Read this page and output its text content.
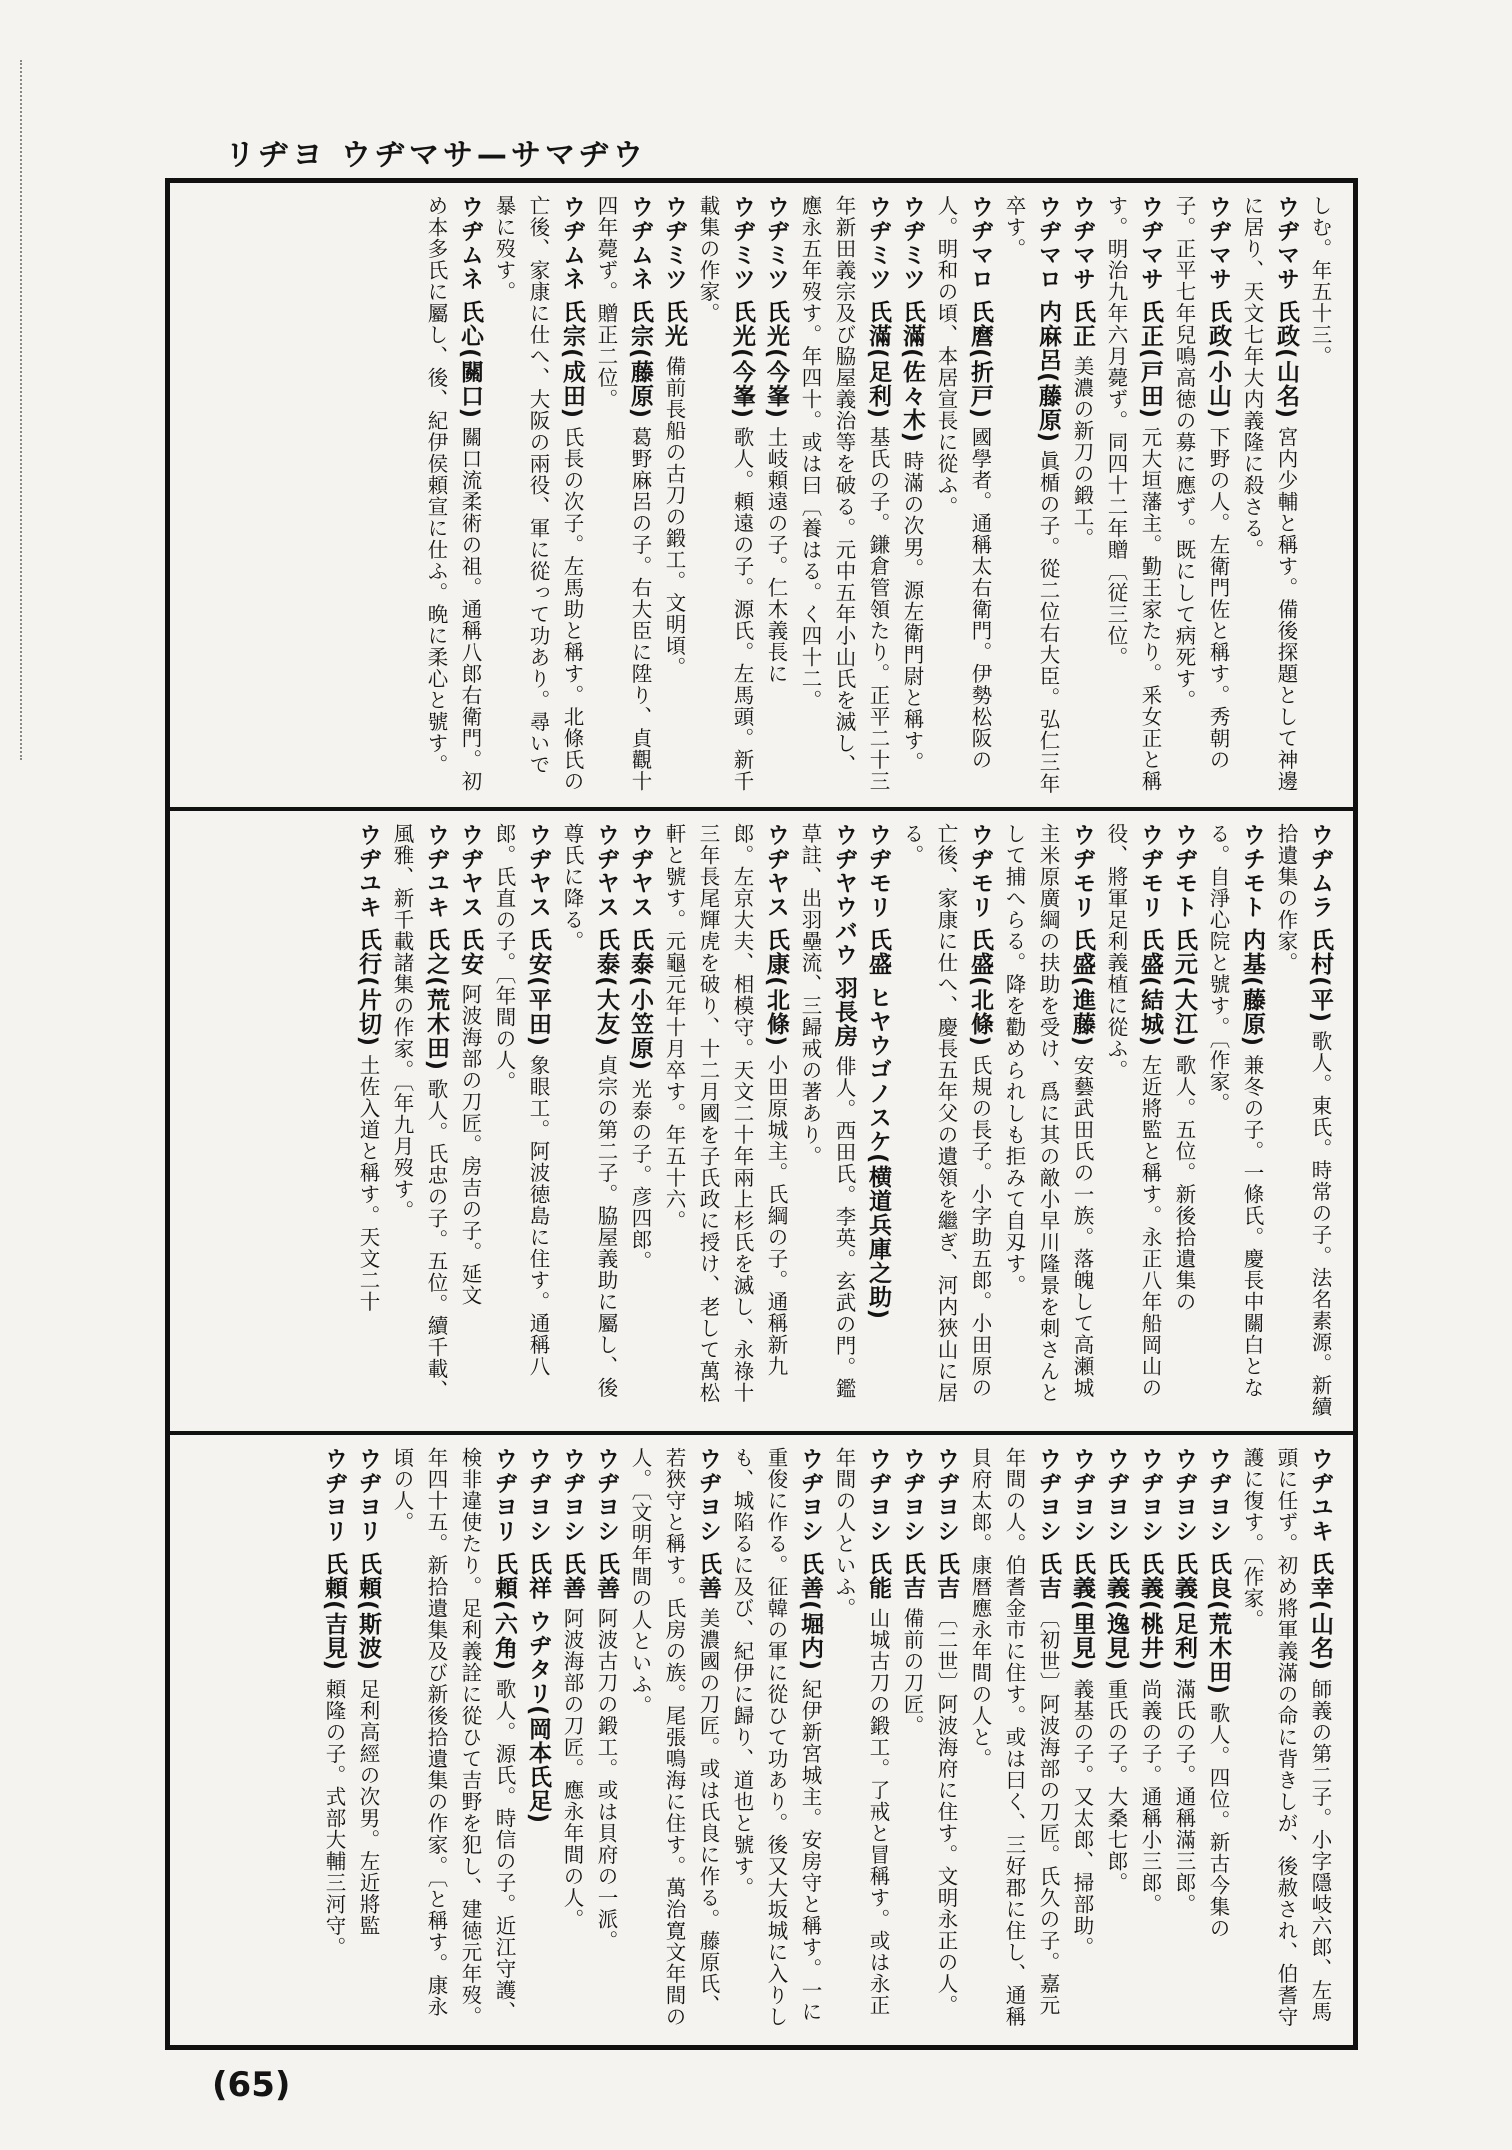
ウヂマサ—サマヂウ ヨヂリ

しむ。年五十三。

ウヂマサ 氏政(山名) 宮内少輔と稱す。備後探題として神邊に居り、天文七年大内義隆に殺さる。

ウヂマサ 氏政(小山) 下野の人。左衛門佐と稱す。秀朝の子。正平七年兒鳴高徳の募に應ず。既にして病死す。

ウヂマサ 氏正(戸田) 元大垣藩主。勤王家たり。釆女正と稱す。明治九年六月薨ず。同四十二年贈〔従三位。

ウヂマサ 氏正 美濃の新刀の鍛工。

ウヂマロ 内麻呂(藤原) 眞楯の子。從二位右大臣。弘仁三年卒す。

ウヂマロ 氏麿(折戸) 國學者。通稱太右衛門。伊勢松阪の人。明和の頃、本居宣長に從ふ。

ウヂミツ 氏滿(佐々木) 時滿の次男。源左衛門尉と稱す。

ウヂミツ 氏滿(足利) 基氏の子。鎌倉管領たり。正平二十三年新田義宗及び脇屋義治等を破る。元中五年小山氏を滅し、應永五年歿す。年四十。或は曰〔養はる。く四十二。

ウヂミツ 氏光(今峯) 土岐頼遠の子。仁木義長に

ウヂミツ 氏光(今峯) 歌人。頼遠の子。源氏。左馬頭。新千載集の作家。

ウヂミツ 氏光 備前長船の古刀の鍛工。文明頃。

ウヂムネ 氏宗(藤原) 葛野麻呂の子。右大臣に陞り、貞觀十四年薨ず。贈正二位。

ウヂムネ 氏宗(成田) 氏長の次子。左馬助と稱す。北條氏の亡後、家康に仕へ、大阪の兩役、軍に從って功あり。尋いで暴に歿す。

ウヂムネ 氏心(關口) 關口流柔術の祖。通稱八郎右衛門。初め本多氏に屬し、後、紀伊侯頼宣に仕ふ。晩に柔心と號す。

ウヂムラ 氏村(平) 歌人。東氏。時常の子。法名素源。新續拾遺集の作家。

ウチモト 内基(藤原) 兼冬の子。一條氏。慶長中關白となる。自淨心院と號す。〔作家。

ウヂモト 氏元(大江) 歌人。五位。新後拾遺集の

ウヂモリ 氏盛(結城) 左近將監と稱す。永正八年船岡山の役、將軍足利義植に從ふ。

ウヂモリ 氏盛(進藤) 安藝武田氏の一族。落魄して高瀬城主米原廣綱の扶助を受け、爲に其の敵小早川隆景を刺さんとして捕へらる。降を勸められしも拒みて自刄す。

ウヂモリ 氏盛(北條) 氏規の長子。小字助五郎。小田原の亡後、家康に仕へ、慶長五年父の遺領を繼ぎ、河内狹山に居る。

ウヂモリ 氏盛 ヒヤウゴノスケ(横道兵庫之助)

ウヂヤウバウ 羽長房 俳人。西田氏。李英。玄武の門。鑑草註、出羽壘流、三歸戒の著あり。

ウヂヤス 氏康(北條) 小田原城主。氏綱の子。通稱新九郎。左京大夫、相模守。天文二十年兩上杉氏を滅し、永祿十三年長尾輝虎を破り、十二月國を子氏政に授け、老して萬松軒と號す。元龜元年十月卒す。年五十六。

ウヂヤス 氏泰(小笠原) 光泰の子。彦四郎。

ウヂヤス 氏泰(大友) 貞宗の第二子。脇屋義助に屬し、後尊氏に降る。

ウヂヤス 氏安(平田) 象眼工。阿波徳島に住す。通稱八郎。氏直の子。〔年間の人。

ウヂヤス 氏安 阿波海部の刀匠。房吉の子。延文

ウヂユキ 氏之(荒木田) 歌人。氏忠の子。五位。續千載、風雅、新千載諸集の作家。〔年九月歿す。

ウヂユキ 氏行(片切) 土佐入道と稱す。天文二十

ウヂユキ 氏幸(山名) 師義の第二子。小字隱岐六郎、左馬頭に任ず。初め將軍義滿の命に背きしが、後赦され、伯耆守護に復す。〔作家。

ウヂヨシ 氏良(荒木田) 歌人。四位。新古今集の

ウヂヨシ 氏義(足利) 滿氏の子。通稱滿三郎。

ウヂヨシ 氏義(桃井) 尚義の子。通稱小三郎。

ウヂヨシ 氏義(逸見) 重氏の子。大桑七郎。

ウヂヨシ 氏義(里見) 義基の子。又太郎、掃部助。

ウヂヨシ 氏吉 〔初世〕阿波海部の刀匠。氏久の子。嘉元年間の人。伯耆金市に住す。或は曰く、三好郡に住し、通稱貝府太郎。康暦應永年間の人と。

ウヂヨシ 氏吉 〔二世〕阿波海府に住す。文明永正の人。

ウヂヨシ 氏吉 備前の刀匠。

ウヂヨシ 氏能 山城古刀の鍛工。了戒と冒稱す。或は永正年間の人といふ。

ウヂヨシ 氏善(堀内) 紀伊新宮城主。安房守と稱す。一に重俊に作る。征韓の軍に從ひて功あり。後又大坂城に入りしも、城陷るに及び、紀伊に歸り、道也と號す。

ウヂヨシ 氏善 美濃國の刀匠。或は氏良に作る。藤原氏、若狹守と稱す。氏房の族。尾張鳴海に住す。萬治寛文年間の人。〔文明年間の人といふ。

ウヂヨシ 氏善 阿波古刀の鍛工。或は貝府の一派。

ウヂヨシ 氏善 阿波海部の刀匠。應永年間の人。

ウヂヨシ 氏祥 ウヂタリ(岡本氏足)

ウヂヨリ 氏頼(六角) 歌人。源氏。時信の子。近江守護、検非違使たり。足利義詮に從ひて吉野を犯し、建徳元年歿。年四十五。新拾遺集及び新後拾遺集の作家。〔と稱す。康永頃の人。

ウヂヨリ 氏頼(斯波) 足利高經の次男。左近將監

ウヂヨリ 氏頼(吉見) 頼隆の子。式部大輔三河守。

(65)
